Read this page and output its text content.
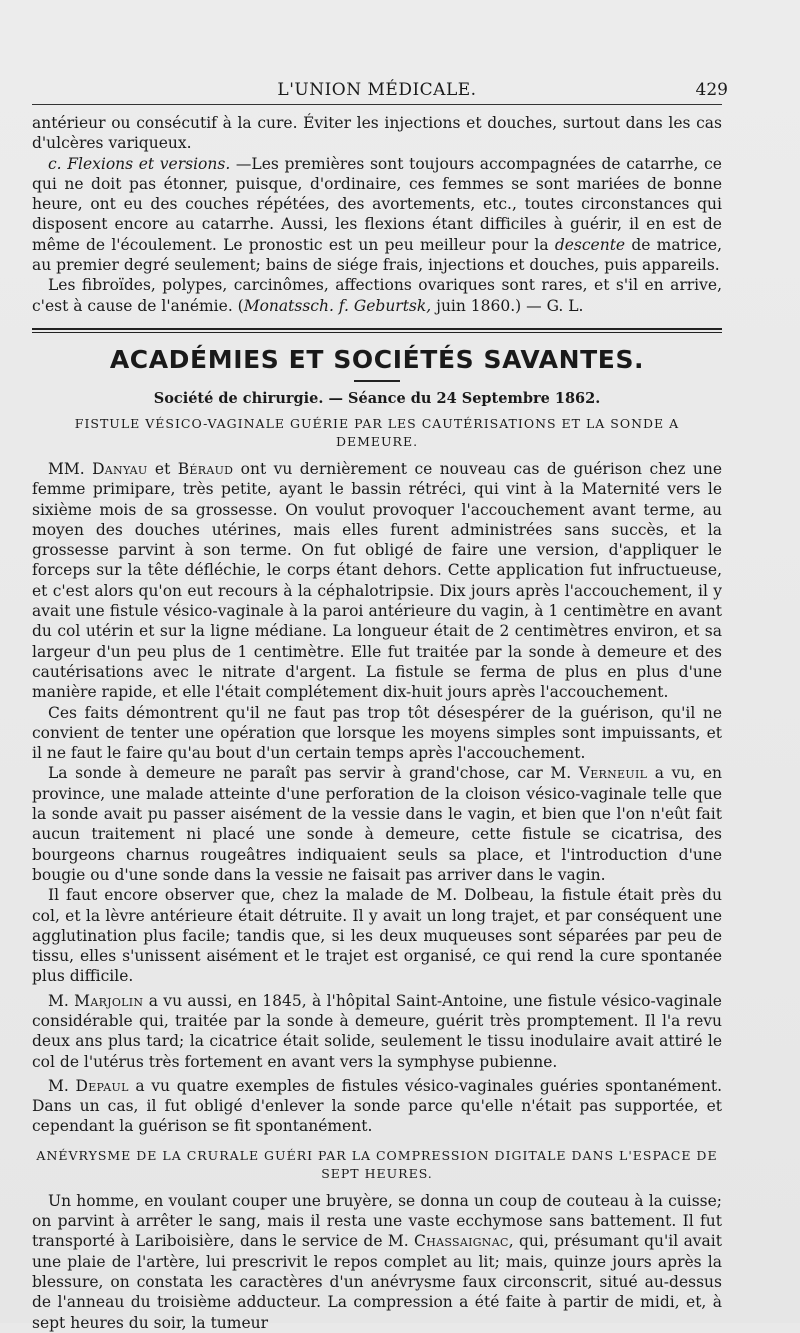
L'UNION MÉDICALE.	429

antérieur ou consécutif à la cure. Éviter les injections et douches, surtout dans les cas d'ulcères variqueux.

c. Flexions et versions. —Les premières sont toujours accompagnées de catarrhe, ce qui ne doit pas étonner, puisque, d'ordinaire, ces femmes se sont mariées de bonne heure, ont eu des couches répétées, des avortements, etc., toutes circonstances qui disposent encore au catarrhe. Aussi, les flexions étant difficiles à guérir, il en est de même de l'écoulement. Le pronostic est un peu meilleur pour la descente de matrice, au premier degré seulement; bains de siége frais, injections et douches, puis appareils.

Les fibroïdes, polypes, carcinômes, affections ovariques sont rares, et s'il en arrive, c'est à cause de l'anémie. (Monatssch. f. Geburtsk, juin 1860.) — G. L.

ACADÉMIES ET SOCIÉTÉS SAVANTES.
Société de chirurgie. — Séance du 24 Septembre 1862.
FISTULE VÉSICO-VAGINALE GUÉRIE PAR LES CAUTÉRISATIONS ET LA SONDE A DEMEURE.

MM. Danyau et Béraud ont vu dernièrement ce nouveau cas de guérison chez une femme primipare, très petite, ayant le bassin rétréci, qui vint à la Maternité vers le sixième mois de sa grossesse. On voulut provoquer l'accouchement avant terme, au moyen des douches utérines, mais elles furent administrées sans succès, et la grossesse parvint à son terme. On fut obligé de faire une version, d'appliquer le forceps sur la tête défléchie, le corps étant dehors. Cette application fut infructueuse, et c'est alors qu'on eut recours à la céphalotripsie. Dix jours après l'accouchement, il y avait une fistule vésico-vaginale à la paroi antérieure du vagin, à 1 centimètre en avant du col utérin et sur la ligne médiane. La longueur était de 2 centimètres environ, et sa largeur d'un peu plus de 1 centimètre. Elle fut traitée par la sonde à demeure et des cautérisations avec le nitrate d'argent. La fistule se ferma de plus en plus d'une manière rapide, et elle l'était complétement dix-huit jours après l'accouchement.

Ces faits démontrent qu'il ne faut pas trop tôt désespérer de la guérison, qu'il ne convient de tenter une opération que lorsque les moyens simples sont impuissants, et il ne faut le faire qu'au bout d'un certain temps après l'accouchement.

La sonde à demeure ne paraît pas servir à grand'chose, car M. Verneuil a vu, en province, une malade atteinte d'une perforation de la cloison vésico-vaginale telle que la sonde avait pu passer aisément de la vessie dans le vagin, et bien que l'on n'eût fait aucun traitement ni placé une sonde à demeure, cette fistule se cicatrisa, des bourgeons charnus rougeâtres indiquaient seuls sa place, et l'introduction d'une bougie ou d'une sonde dans la vessie ne faisait pas arriver dans le vagin.

Il faut encore observer que, chez la malade de M. Dolbeau, la fistule était près du col, et la lèvre antérieure était détruite. Il y avait un long trajet, et par conséquent une agglutination plus facile; tandis que, si les deux muqueuses sont séparées par peu de tissu, elles s'unissent aisément et le trajet est organisé, ce qui rend la cure spontanée plus difficile.

M. Marjolin a vu aussi, en 1845, à l'hôpital Saint-Antoine, une fistule vésico-vaginale considérable qui, traitée par la sonde à demeure, guérit très promptement. Il l'a revu deux ans plus tard; la cicatrice était solide, seulement le tissu inodulaire avait attiré le col de l'utérus très fortement en avant vers la symphyse pubienne.

M. Depaul a vu quatre exemples de fistules vésico-vaginales guéries spontanément. Dans un cas, il fut obligé d'enlever la sonde parce qu'elle n'était pas supportée, et cependant la guérison se fit spontanément.

ANÉVRYSME DE LA CRURALE GUÉRI PAR LA COMPRESSION DIGITALE DANS L'ESPACE DE SEPT HEURES.

Un homme, en voulant couper une bruyère, se donna un coup de couteau à la cuisse; on parvint à arrêter le sang, mais il resta une vaste ecchymose sans battement. Il fut transporté à Lariboisière, dans le service de M. Chassaignac, qui, présumant qu'il avait une plaie de l'artère, lui prescrivit le repos complet au lit; mais, quinze jours après la blessure, on constata les caractères d'un anévrysme faux circonscrit, situé au-dessus de l'anneau du troisième adducteur. La compression a été faite à partir de midi, et, à sept heures du soir, la tumeur
